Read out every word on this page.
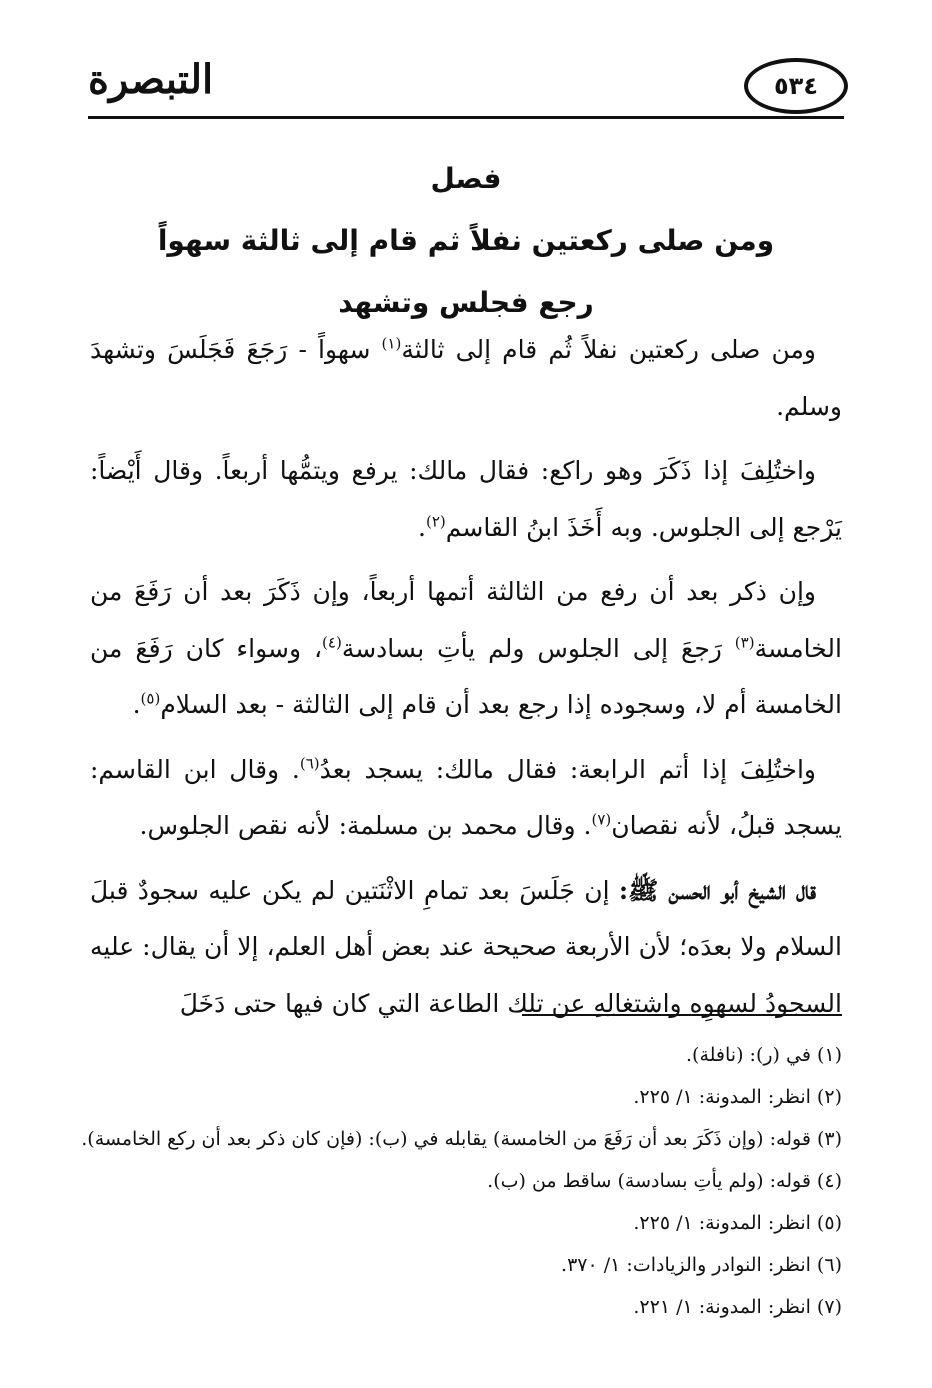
التبصرة	٥٣٤

فصل

ومن صلى ركعتين نفلاً ثم قام إلى ثالثة سهواً

رجع فجلس وتشهد

ومن صلى ركعتين نفلاً ثُم قام إلى ثالثة$^{(١)}$ سهواً - رَجَعَ فَجَلَسَ وتشهدَ وسلم.

واختُلِفَ إذا ذَكَرَ وهو راكع: فقال مالك: يرفع ويتمُّها أربعاً. وقال أَيْضاً: يَرْجع إلى الجلوس. وبه أَخَذَ ابنُ القاسم$^{(٢)}$.

وإن ذكر بعد أن رفع من الثالثة أتمها أربعاً، وإن ذَكَرَ بعد أن رَفَعَ من الخامسة$^{(٣)}$ رَجعَ إلى الجلوس ولم يأتِ بسادسة$^{(٤)}$، وسواء كان رَفَعَ من الخامسة أم لا، وسجوده إذا رجع بعد أن قام إلى الثالثة - بعد السلام$^{(٥)}$.

واختُلِفَ إذا أتم الرابعة: فقال مالك: يسجد بعدُ$^{(٦)}$. وقال ابن القاسم: يسجد قبلُ، لأنه نقصان$^{(٧)}$. وقال محمد بن مسلمة: لأنه نقص الجلوس.

قال الشيخ أبو الحسن ﷺ: إن جَلَسَ بعد تمامِ الاثْنَتين لم يكن عليه سجودٌ قبلَ السلام ولا بعدَه؛ لأن الأربعة صحيحة عند بعض أهل العلم، إلا أن يقال: عليه السجودُ لسهوِه واشتغالِهِ عن تلك الطاعة التي كان فيها حتى دَخَلَ

(١) في (ر): (نافلة).

(٢) انظر: المدونة: ١/ ٢٢٥.

(٣) قوله: (وإن ذَكَرَ بعد أن رَفَعَ من الخامسة) يقابله في (ب): (فإن كان ذكر بعد أن ركع الخامسة).

(٤) قوله: (ولم يأتِ بسادسة) ساقط من (ب).

(٥) انظر: المدونة: ١/ ٢٢٥.

(٦) انظر: النوادر والزيادات: ١/ ٣٧٠.

(٧) انظر: المدونة: ١/ ٢٢١.
